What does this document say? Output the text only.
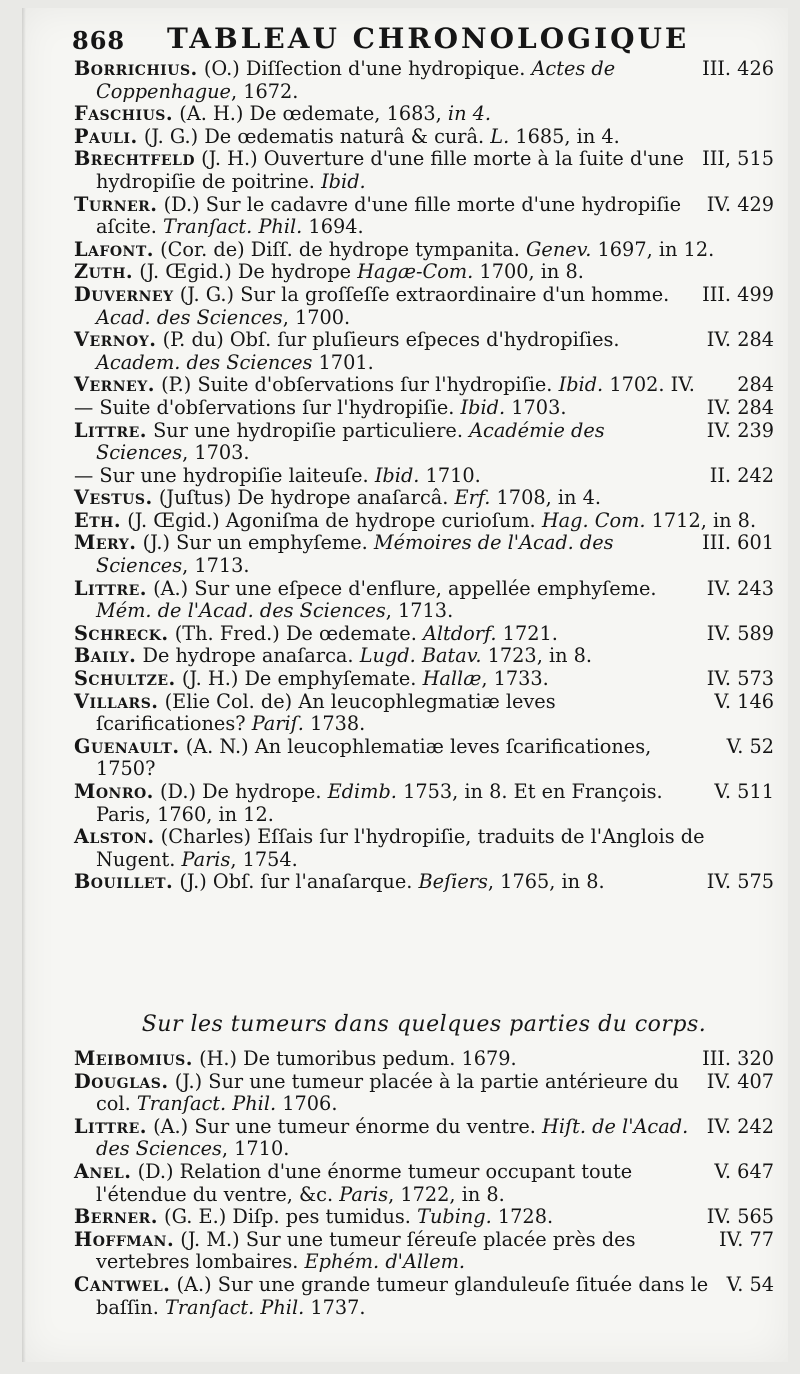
868 TABLEAU CHRONOLOGIQUE
III. 426
Borrichius. (O.) Diſſection d'une hydropique. Actes de Coppenhague, 1672.
Faschius. (A. H.) De œdemate, 1683, in 4.
Pauli. (J. G.) De œdematis naturâ & curâ. L. 1685, in 4.
III, 515
Brechtfeld (J. H.) Ouverture d'une fille morte à la ſuite d'une hydropiſie de poitrine. Ibid.
IV. 429
Turner. (D.) Sur le cadavre d'une fille morte d'une hydropiſie aſcite. Tranſact. Phil. 1694.
Lafont. (Cor. de) Diſſ. de hydrope tympanita. Genev. 1697, in 12.
Zuth. (J. Œgid.) De hydrope Hagæ-Com. 1700, in 8.
III. 499
Duverney (J. G.) Sur la groſſeſſe extraordinaire d'un homme. Acad. des Sciences, 1700.
IV. 284
Vernoy. (P. du) Obſ. ſur pluſieurs eſpeces d'hydropiſies. Academ. des Sciences 1701.
284
Verney. (P.) Suite d'obſervations ſur l'hydropiſie. Ibid. 1702. IV.
IV. 284
— Suite d'obſervations ſur l'hydropiſie. Ibid. 1703.
IV. 239
Littre. Sur une hydropiſie particuliere. Académie des Sciences, 1703.
II. 242
— Sur une hydropiſie laiteuſe. Ibid. 1710.
Vestus. (Juſtus) De hydrope anaſarcâ. Erf. 1708, in 4.
Eth. (J. Œgid.) Agoniſma de hydrope curioſum. Hag. Com. 1712, in 8.
III. 601
Mery. (J.) Sur un emphyſeme. Mémoires de l'Acad. des Sciences, 1713.
IV. 243
Littre. (A.) Sur une eſpece d'enflure, appellée emphyſeme. Mém. de l'Acad. des Sciences, 1713.
IV. 589
Schreck. (Th. Fred.) De œdemate. Altdorf. 1721.
Baily. De hydrope anaſarca. Lugd. Batav. 1723, in 8.
IV. 573
Schultze. (J. H.) De emphyſemate. Hallæ, 1733.
V. 146
Villars. (Elie Col. de) An leucophlegmatiæ leves ſcarificationes? Pariſ. 1738.
V. 52
Guenault. (A. N.) An leucophlematiæ leves ſcarificationes, 1750?
V. 511
Monro. (D.) De hydrope. Edimb. 1753, in 8. Et en François. Paris, 1760, in 12.
Alston. (Charles) Eſſais ſur l'hydropiſie, traduits de l'Anglois de Nugent. Paris, 1754.
IV. 575
Bouillet. (J.) Obſ. ſur l'anaſarque. Beſiers, 1765, in 8.
Sur les tumeurs dans quelques parties du corps.
III. 320
Meibomius. (H.) De tumoribus pedum. 1679.
IV. 407
Douglas. (J.) Sur une tumeur placée à la partie antérieure du col. Tranſact. Phil. 1706.
IV. 242
Littre. (A.) Sur une tumeur énorme du ventre. Hiſt. de l'Acad. des Sciences, 1710.
V. 647
Anel. (D.) Relation d'une énorme tumeur occupant toute l'étendue du ventre, &c. Paris, 1722, in 8.
IV. 565
Berner. (G. E.) Diſp. pes tumidus. Tubing. 1728.
IV. 77
Hoffman. (J. M.) Sur une tumeur ſéreuſe placée près des vertebres lombaires. Ephém. d'Allem.
V. 54
Cantwel. (A.) Sur une grande tumeur glanduleuſe ſituée dans le baſſin. Tranſact. Phil. 1737.
